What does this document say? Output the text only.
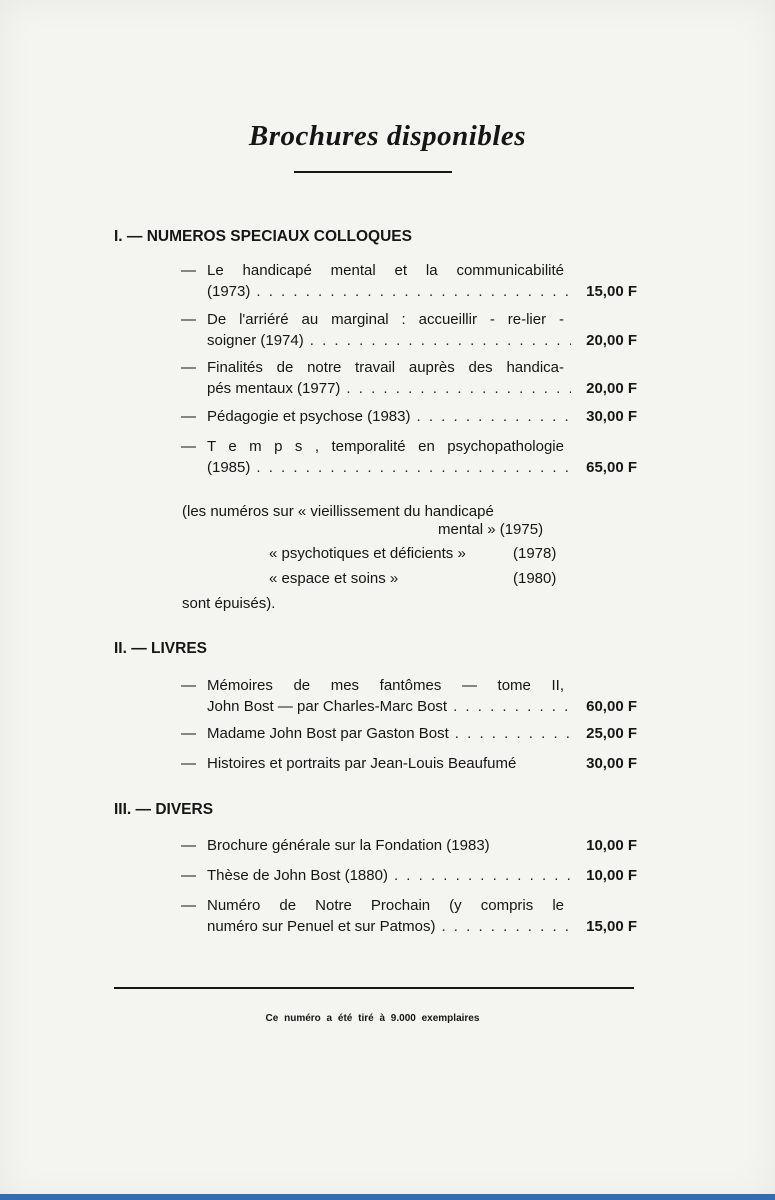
Brochures disponibles
I. — NUMEROS SPECIAUX COLLOQUES
— Le handicapé mental et la communicabilité
(1973) . . .	15,00 F
— De l'arriéré au marginal : accueillir - re-lier -
soigner (1974) . . .	20,00 F
— Finalités de notre travail auprès des handica-
pés mentaux (1977) . . .	20,00 F
— Pédagogie et psychose (1983) . . .	30,00 F
— T e m p s , temporalité en psychopathologie
(1985) . . .	65,00 F
(les numéros sur « vieillissement du handicapé
mental » (1975)
« psychotiques et déficients »	(1978)
« espace et soins »	(1980)
sont épuisés).
II. — LIVRES
— Mémoires de mes fantômes — tome II,
John Bost — par Charles-Marc Bost . . .	60,00 F
— Madame John Bost par Gaston Bost . . .	25,00 F
— Histoires et portraits par Jean-Louis Beaufumé	30,00 F
III. — DIVERS
— Brochure générale sur la Fondation (1983)	10,00 F
— Thèse de John Bost (1880) . . .	10,00 F
— Numéro de Notre Prochain (y compris le
numéro sur Penuel et sur Patmos) . . .	15,00 F
Ce numéro a été tiré à 9.000 exemplaires
